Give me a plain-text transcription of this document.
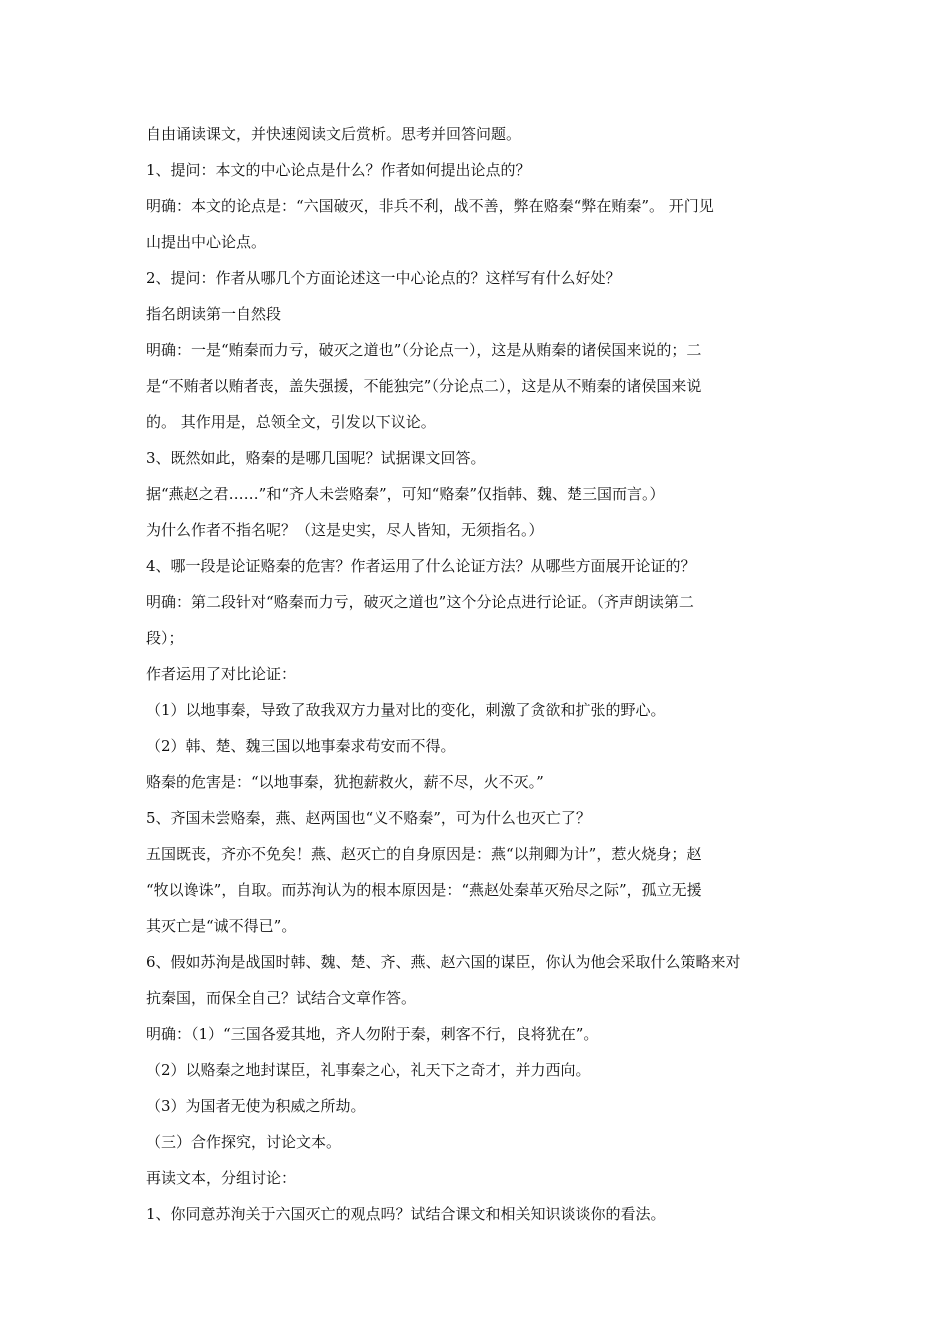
自由诵读课文，并快速阅读文后赏析。思考并回答问题。
1、提问：本文的中心论点是什么？作者如何提出论点的？
明确：本文的论点是：“六国破灭，非兵不利，战不善，弊在赂秦“弊在贿秦”。 开门见
山提出中心论点。
2、提问：作者从哪几个方面论述这一中心论点的？这样写有什么好处？
指名朗读第一自然段
明确：一是“贿秦而力亏，破灭之道也”（分论点一），这是从贿秦的诸侯国来说的；二
是“不贿者以贿者丧，盖失强援，不能独完”（分论点二），这是从不贿秦的诸侯国来说
的。 其作用是，总领全文，引发以下议论。
3、既然如此，赂秦的是哪几国呢？试据课文回答。
据“燕赵之君……”和“齐人未尝赂秦”，可知“赂秦”仅指韩、魏、楚三国而言。）
为什么作者不指名呢？（这是史实，尽人皆知，无须指名。）
4、哪一段是论证赂秦的危害？作者运用了什么论证方法？从哪些方面展开论证的？
明确：第二段针对“赂秦而力亏，破灭之道也”这个分论点进行论证。（齐声朗读第二
段）；
作者运用了对比论证：
（1）以地事秦，导致了敌我双方力量对比的变化，刺激了贪欲和扩张的野心。
（2）韩、楚、魏三国以地事秦求苟安而不得。
赂秦的危害是：“以地事秦，犹抱薪救火，薪不尽，火不灭。”
5、齐国未尝赂秦，燕、赵两国也“义不赂秦”，可为什么也灭亡了？
五国既丧，齐亦不免矣！燕、赵灭亡的自身原因是：燕“以荆卿为计”，惹火烧身；赵
“牧以谗诛”，自取。而苏洵认为的根本原因是：“燕赵处秦革灭殆尽之际”，孤立无援
其灭亡是“诚不得已”。
6、假如苏洵是战国时韩、魏、楚、齐、燕、赵六国的谋臣，你认为他会采取什么策略来对
抗秦国，而保全自己？试结合文章作答。
明确：（1）“三国各爱其地，齐人勿附于秦，刺客不行，良将犹在”。
（2）以赂秦之地封谋臣，礼事秦之心，礼天下之奇才，并力西向。
（3）为国者无使为积威之所劫。
（三）合作探究，讨论文本。
再读文本，分组讨论：
1、你同意苏洵关于六国灭亡的观点吗？试结合课文和相关知识谈谈你的看法。
